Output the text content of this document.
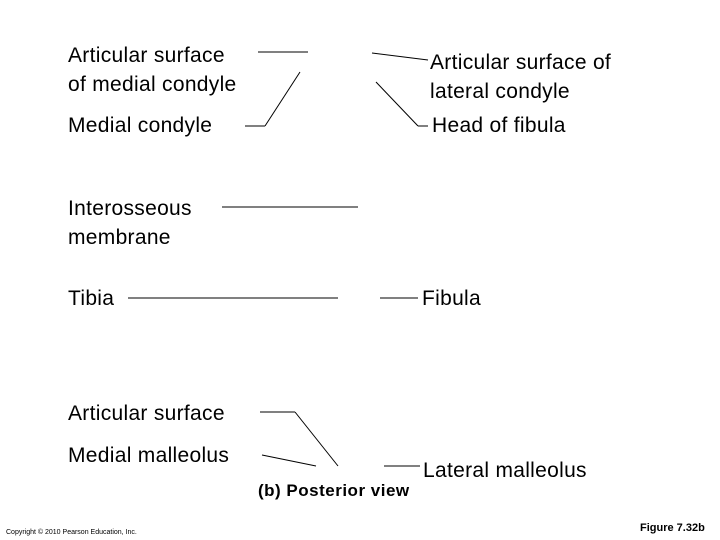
Articular surface
of medial condyle
Medial condyle
Articular surface of
lateral condyle
Head of fibula
Interosseous
membrane
Tibia	Fibula
Articular surface
Medial malleolus
Lateral malleolus
(b) Posterior view
Copyright © 2010 Pearson Education, Inc.	Figure 7.32b
